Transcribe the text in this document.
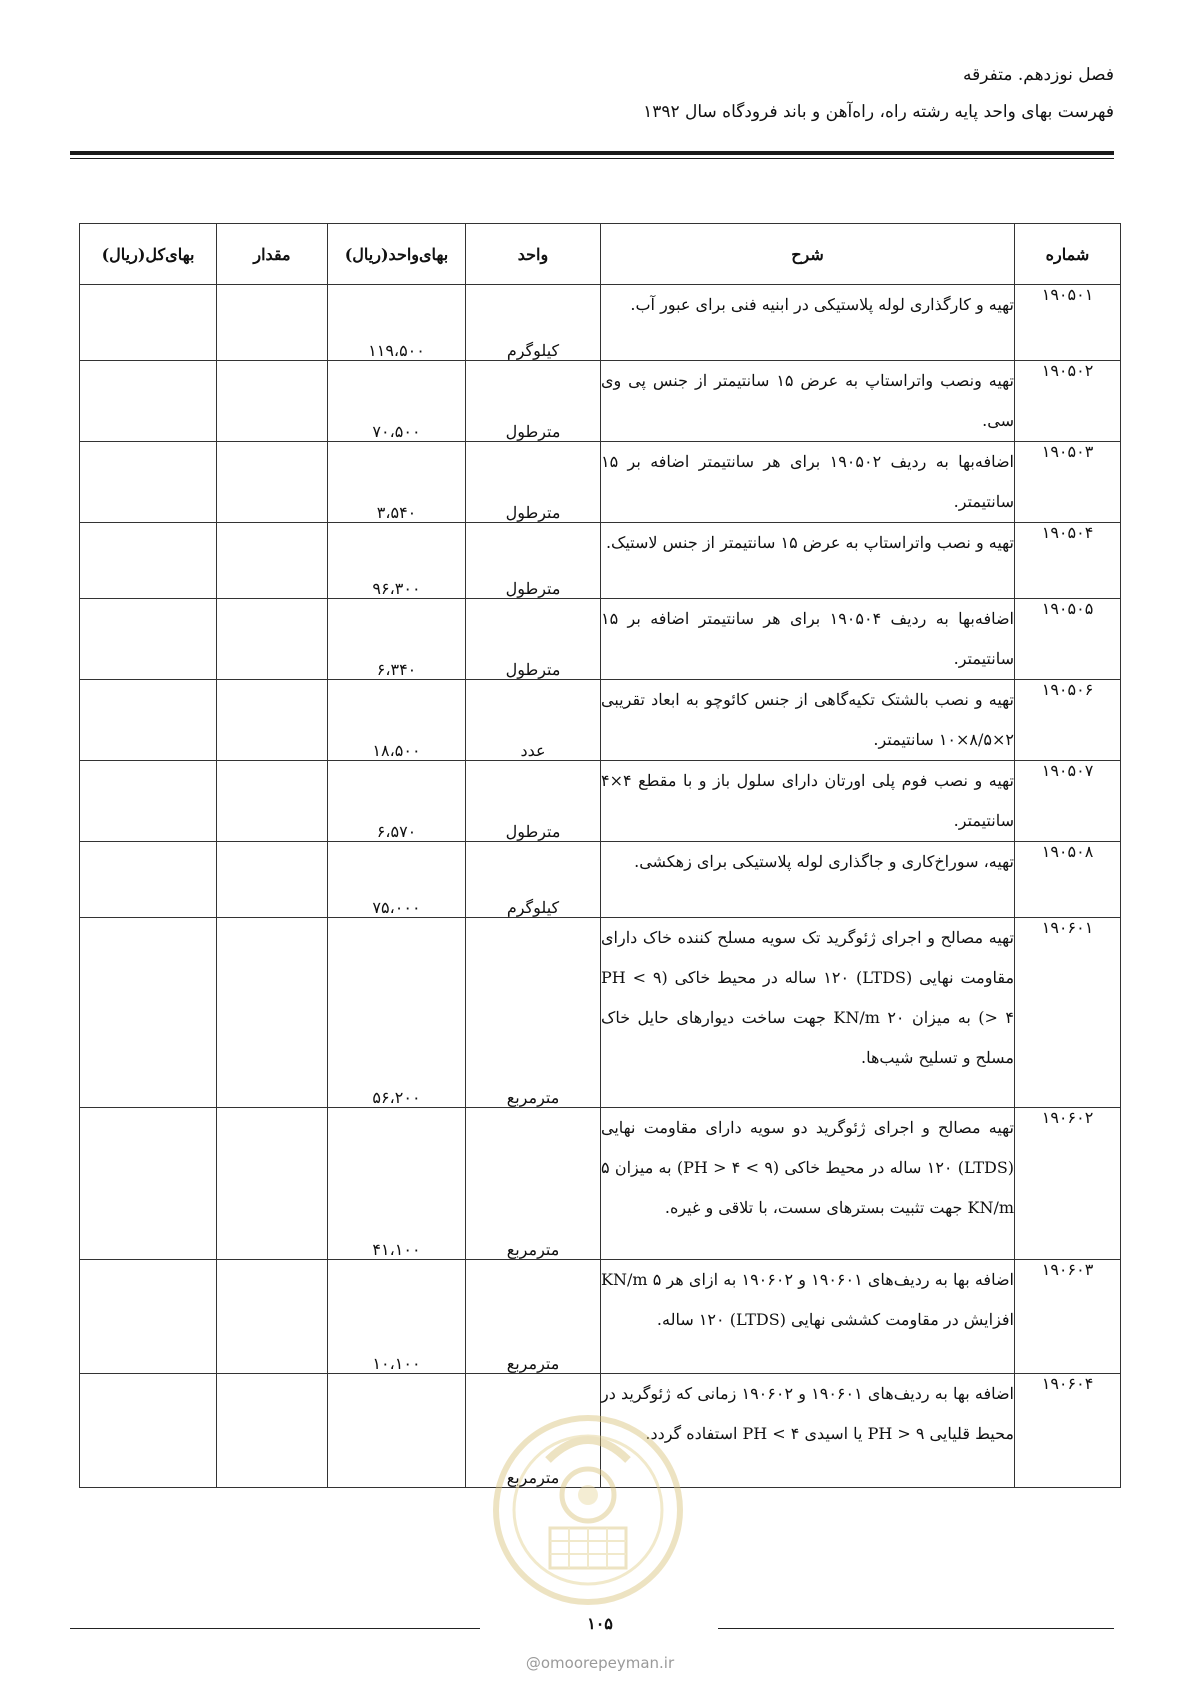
فصل نوزدهم. متفرقه
فهرست بهای واحد پایه رشته راه، راه‌آهن و باند فرودگاه سال ۱۳۹۲
شماره	شرح	واحد	بهای‌واحد(ریال)	مقدار	بهای‌کل(ریال)
۱۹۰۵۰۱	تهیه و کارگذاری لوله پلاستیکی در ابنیه فنی برای عبور آب.	کیلوگرم	۱۱۹،۵۰۰		
۱۹۰۵۰۲	تهیه ونصب واتراستاپ به عرض ۱۵ سانتیمتر از جنس پی وی سی.	مترطول	۷۰،۵۰۰		
۱۹۰۵۰۳	اضافه‌بها به ردیف ۱۹۰۵۰۲ برای هر سانتیمتر اضافه بر ۱۵ سانتیمتر.	مترطول	۳،۵۴۰		
۱۹۰۵۰۴	تهیه و نصب واتراستاپ به عرض ۱۵ سانتیمتر از جنس لاستیک.	مترطول	۹۶،۳۰۰		
۱۹۰۵۰۵	اضافه‌بها به ردیف ۱۹۰۵۰۴ برای هر سانتیمتر اضافه بر ۱۵ سانتیمتر.	مترطول	۶،۳۴۰		
۱۹۰۵۰۶	تهیه و نصب بالشتک تکیه‌گاهی از جنس کائوچو به ابعاد تقریبی ۲×۸/۵×۱۰ سانتیمتر.	عدد	۱۸،۵۰۰		
۱۹۰۵۰۷	تهیه و نصب فوم پلی اورتان دارای سلول باز و با مقطع ۴×۴ سانتیمتر.	مترطول	۶،۵۷۰		
۱۹۰۵۰۸	تهیه، سوراخ‌کاری و جاگذاری لوله پلاستیکی برای زهکشی.	کیلوگرم	۷۵،۰۰۰		
۱۹۰۶۰۱	تهیه مصالح و اجرای ژئوگرید تک سویه مسلح کننده خاک دارای مقاومت نهایی (LTDS) ۱۲۰ ساله در محیط خاکی (۹ > PH > ۴) به میزان ۲۰ KN/m جهت ساخت دیوارهای حایل خاک مسلح و تسلیح شیب‌ها.	مترمربع	۵۶،۲۰۰		
۱۹۰۶۰۲	تهیه مصالح و اجرای ژئوگرید دو سویه دارای مقاومت نهایی (LTDS) ۱۲۰ ساله در محیط خاکی (۹ > PH > ۴) به میزان ۵ KN/m جهت تثبیت بسترهای سست، با تلاقی و غیره.	مترمربع	۴۱،۱۰۰		
۱۹۰۶۰۳	اضافه بها به ردیف‌های ۱۹۰۶۰۱ و ۱۹۰۶۰۲ به ازای هر KN/m ۵ افزایش در مقاومت کششی نهایی (LTDS) ۱۲۰ ساله.	مترمربع	۱۰،۱۰۰		
۱۹۰۶۰۴	اضافه بها به ردیف‌های ۱۹۰۶۰۱ و ۱۹۰۶۰۲ زمانی که ژئوگرید در محیط قلیایی PH > ۹ یا اسیدی PH < ۴ استفاده گردد.	مترمربع			
۱۰۵
@omoorepeyman.ir
